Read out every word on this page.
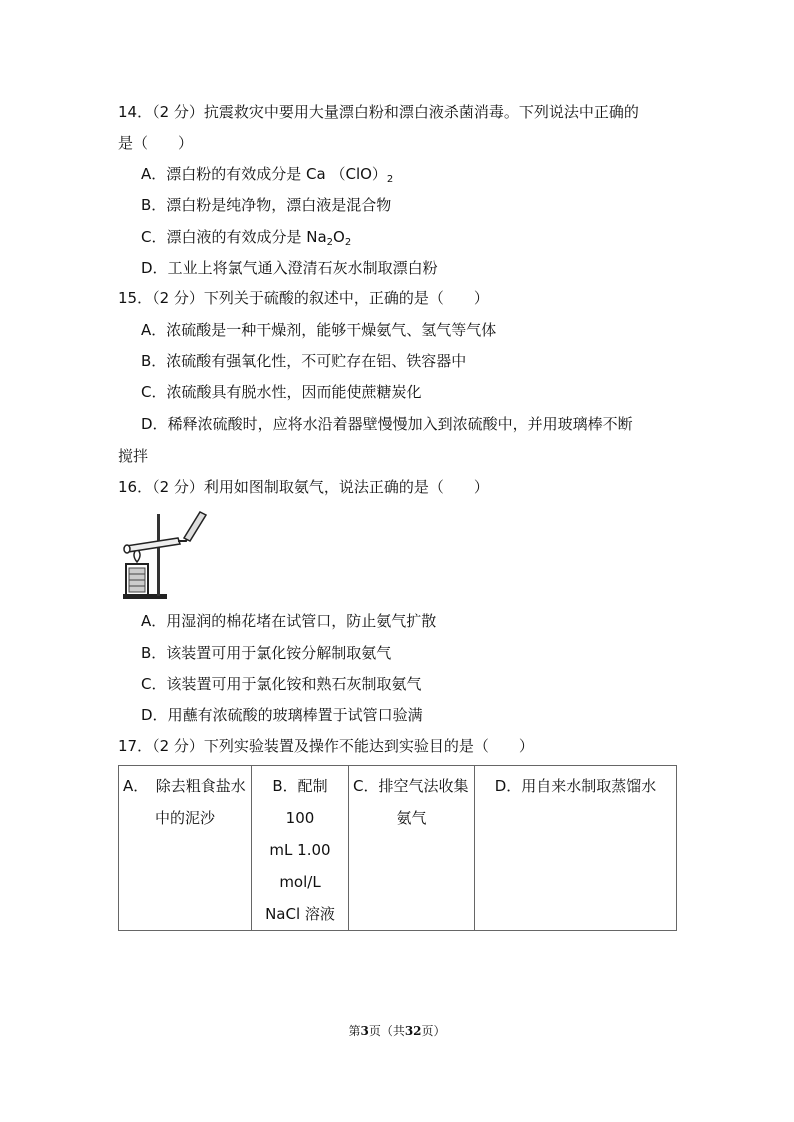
14．（2 分）抗震救灾中要用大量漂白粉和漂白液杀菌消毒。下列说法中正确的
是（　　）
A．漂白粉的有效成分是 Ca $(ClO)_2$
B．漂白粉是纯净物，漂白液是混合物
C．漂白液的有效成分是 $Na_2O_2$
D．工业上将氯气通入澄清石灰水制取漂白粉
15．（2 分）下列关于硫酸的叙述中，正确的是（　　）
A．浓硫酸是一种干燥剂，能够干燥氨气、氢气等气体
B．浓硫酸有强氧化性，不可贮存在铝、铁容器中
C．浓硫酸具有脱水性，因而能使蔗糖炭化
D．稀释浓硫酸时，应将水沿着器壁慢慢加入到浓硫酸中，并用玻璃棒不断
搅拌
16．（2 分）利用如图制取氨气，说法正确的是（　　）
A．用湿润的棉花堵在试管口，防止氨气扩散
B．该装置可用于氯化铵分解制取氨气
C．该装置可用于氯化铵和熟石灰制取氨气
D．用蘸有浓硫酸的玻璃棒置于试管口验满
17．（2 分）下列实验装置及操作不能达到实验目的是（　　）
A．　除去粗食盐水
中的泥沙

B．配制 100
mL 1.00
mol/L
NaCl 溶液

C．排空气法收集
氨气

D．用自来水制取蒸馏水
第3页（共32页）
